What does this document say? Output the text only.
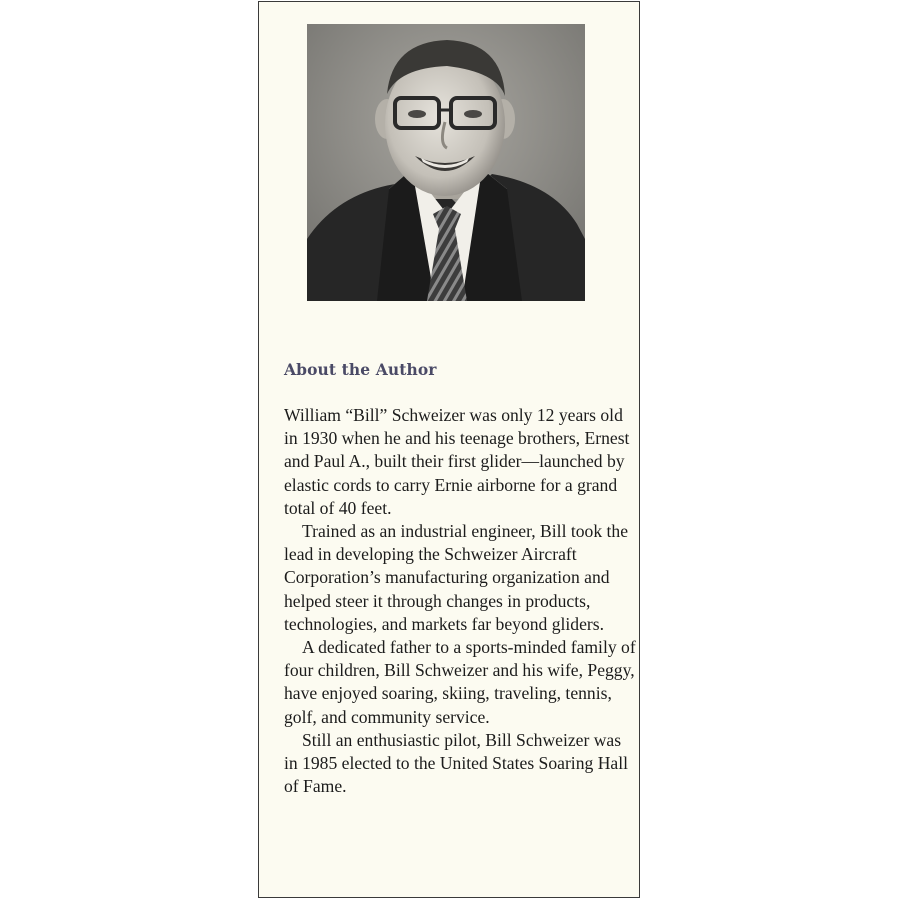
About the Author

William “Bill” Schweizer was only 12 years old in 1930 when he and his teenage brothers, Ernest and Paul A., built their first glider—launched by elastic cords to carry Ernie airborne for a grand total of 40 feet.

Trained as an industrial engineer, Bill took the lead in developing the Schweizer Aircraft Corporation’s manufacturing organization and helped steer it through changes in products, technologies, and markets far beyond gliders.

A dedicated father to a sports-minded family of four children, Bill Schweizer and his wife, Peggy, have enjoyed soaring, skiing, traveling, tennis, golf, and community service.

Still an enthusiastic pilot, Bill Schweizer was in 1985 elected to the United States Soaring Hall of Fame.
